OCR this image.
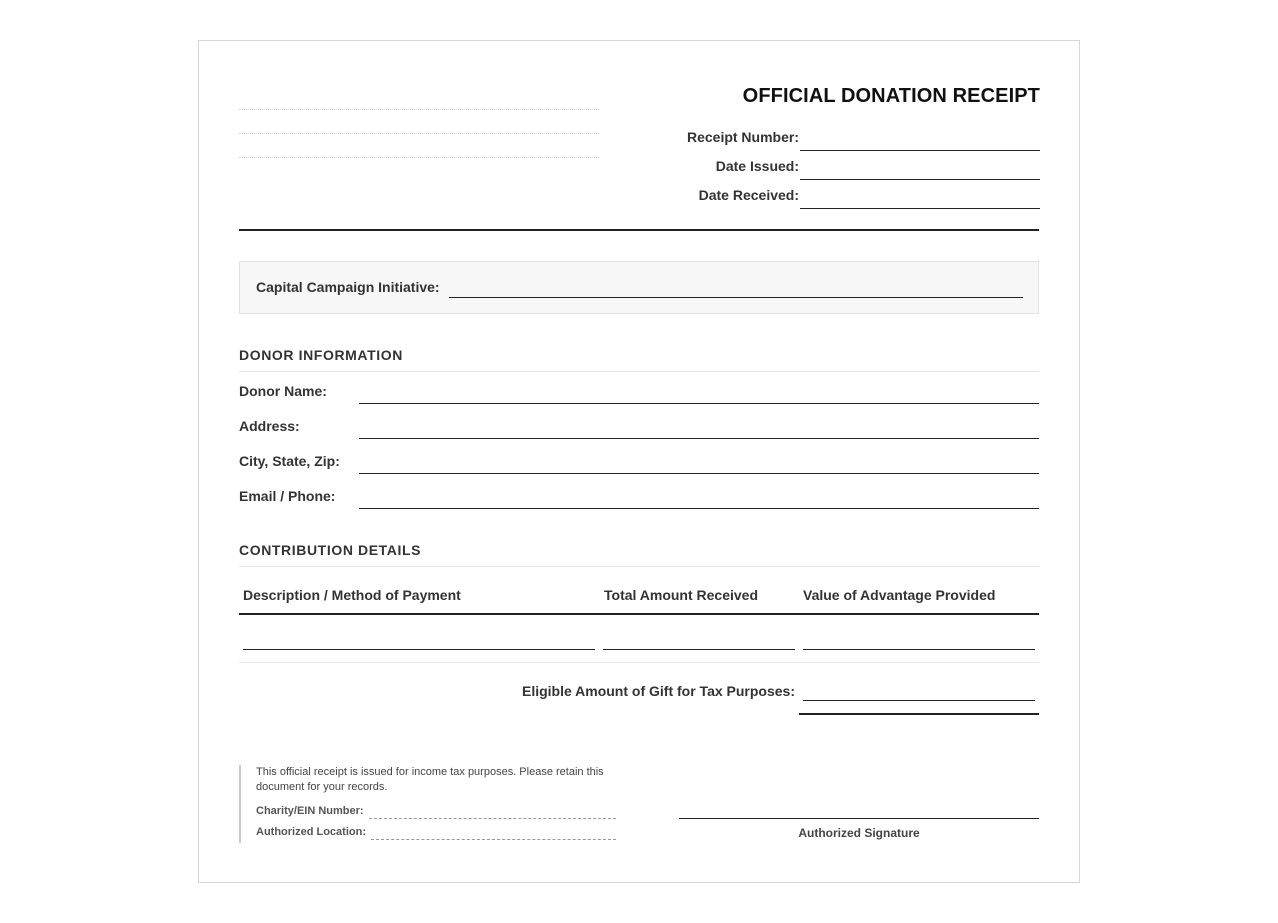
OFFICIAL DONATION RECEIPT
Receipt Number:
Date Issued:
Date Received:
Capital Campaign Initiative:
DONOR INFORMATION
Donor Name:
Address:
City, State, Zip:
Email / Phone:
CONTRIBUTION DETAILS
Description / Method of Payment	Total Amount Received	Value of Advantage Provided
Eligible Amount of Gift for Tax Purposes:
This official receipt is issued for income tax purposes. Please retain this document for your records.
Charity/EIN Number:
Authorized Location:	Authorized Signature
